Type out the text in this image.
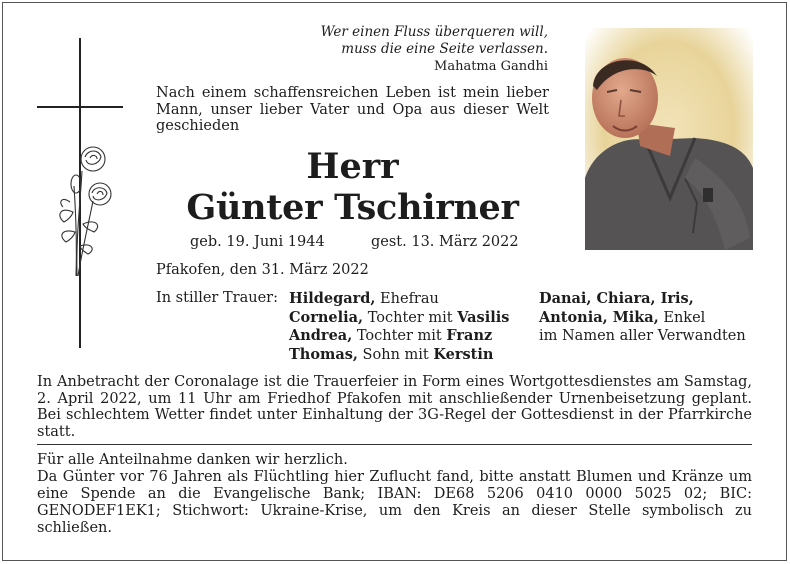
Wer einen Fluss überqueren will,
muss die eine Seite verlassen.
Mahatma Gandhi
Nach einem schaffensreichen Leben ist mein lieber Mann, unser lieber Vater und Opa aus dieser Welt geschieden
Herr
Günter Tschirner
geb. 19. Juni 1944	gest. 13. März 2022
Pfakofen, den 31. März 2022
In stiller Trauer: Hildegard, Ehefrau
Cornelia, Tochter mit Vasilis
Andrea, Tochter mit Franz
Thomas, Sohn mit Kerstin
Danai, Chiara, Iris,
Antonia, Mika, Enkel
im Namen aller Verwandten
In Anbetracht der Coronalage ist die Trauerfeier in Form eines Wortgottesdienstes am Samstag, 2. April 2022, um 11 Uhr am Friedhof Pfakofen mit anschließender Urnenbeisetzung geplant. Bei schlechtem Wetter findet unter Einhaltung der 3G-Regel der Gottesdienst in der Pfarrkirche statt.
Für alle Anteilnahme danken wir herzlich.
Da Günter vor 76 Jahren als Flüchtling hier Zuflucht fand, bitte anstatt Blumen und Kränze um eine Spende an die Evangelische Bank; IBAN: DE68 5206 0410 0000 5025 02; BIC: GENODEF1EK1; Stichwort: Ukraine-Krise, um den Kreis an dieser Stelle symbolisch zu schließen.
